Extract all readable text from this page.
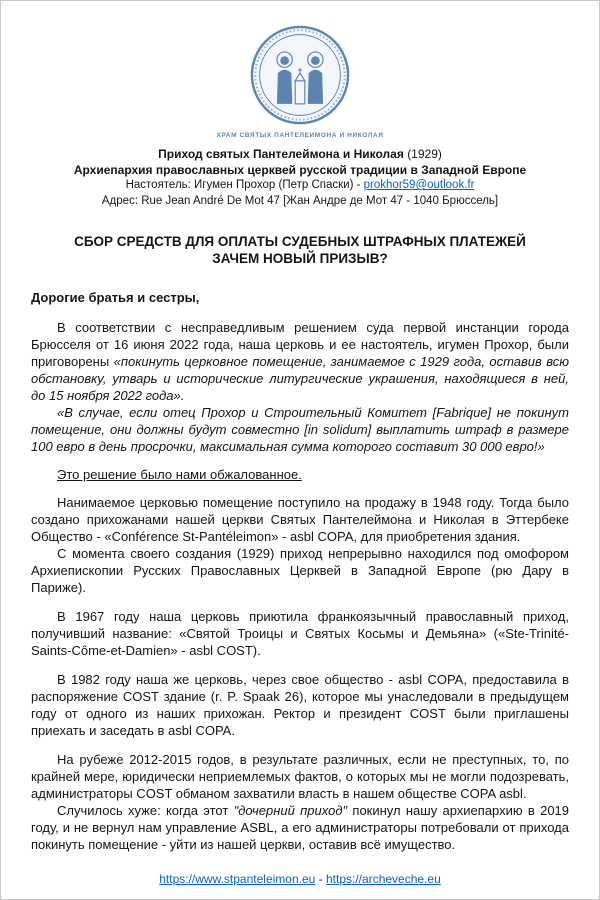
ХРАМ СВЯТЫХ ПАНТЕЛЕИМОНА И НИКОЛАЯ
Приход святых Пантелеймона и Николая (1929)
Архиепархия православных церквей русской традиции в Западной Европе
Настоятель: Игумен Прохор (Петр Спаски) - prokhor59@outlook.fr
Адрес: Rue Jean André De Mot 47 [Жан Андре де Мот 47 - 1040 Брюссель]
СБОР СРЕДСТВ ДЛЯ ОПЛАТЫ СУДЕБНЫХ ШТРАФНЫХ ПЛАТЕЖЕЙ
ЗАЧЕМ НОВЫЙ ПРИЗЫВ?

Дорогие братья и сестры,

В соответствии с несправедливым решением суда первой инстанции города Брюсселя от 16 июня 2022 года, наша церковь и ее настоятель, игумен Прохор, были приговорены «покинуть церковное помещение, занимаемое с 1929 года, оставив всю обстановку, утварь и исторические литургические украшения, находящиеся в ней, до 15 ноября 2022 года».

«В случае, если отец Прохор и Строительный Комитет [Fabrique] не покинут помещение, они должны будут совместно [in solidum] выплатить штраф в размере 100 евро в день просрочки, максимальная сумма которого составит 30 000 евро!»

Это решение было нами обжалованное.

Нанимаемое церковью помещение поступило на продажу в 1948 году. Тогда было создано прихожанами нашей церкви Святых Пантелеймона и Николая в Эттербеке Общество - «Conférence St-Pantéleimon» - asbl COPA, для приобретения здания.

С момента своего создания (1929) приход непрерывно находился под омофором Архиепископии Русских Православных Церквей в Западной Европе (рю Дару в Париже).

В 1967 году наша церковь приютила франкоязычный православный приход, получивший название: «Святой Троицы и Святых Косьмы и Демьяна» («Ste-Trinité-Saints-Côme-et-Damien» - asbl COST).

В 1982 году наша же церковь, через свое общество - asbl COPA, предоставила в распоряжение COST здание (r. P. Spaak 26), которое мы унаследовали в предыдущем году от одного из наших прихожан. Ректор и президент COST были приглашены приехать и заседать в asbl COPA.

На рубеже 2012-2015 годов, в результате различных, если не преступных, то, по крайней мере, юридически неприемлемых фактов, о которых мы не могли подозревать, администраторы COST обманом захватили власть в нашем обществе COPA asbl.

Случилось хуже: когда этот "дочерний приход" покинул нашу архиепархию в 2019 году, и не вернул нам управление ASBL, а его администраторы потребовали от прихода покинуть помещение - уйти из нашей церкви, оставив всё имущество.

https://www.stpanteleimon.eu - https://archeveche.eu
